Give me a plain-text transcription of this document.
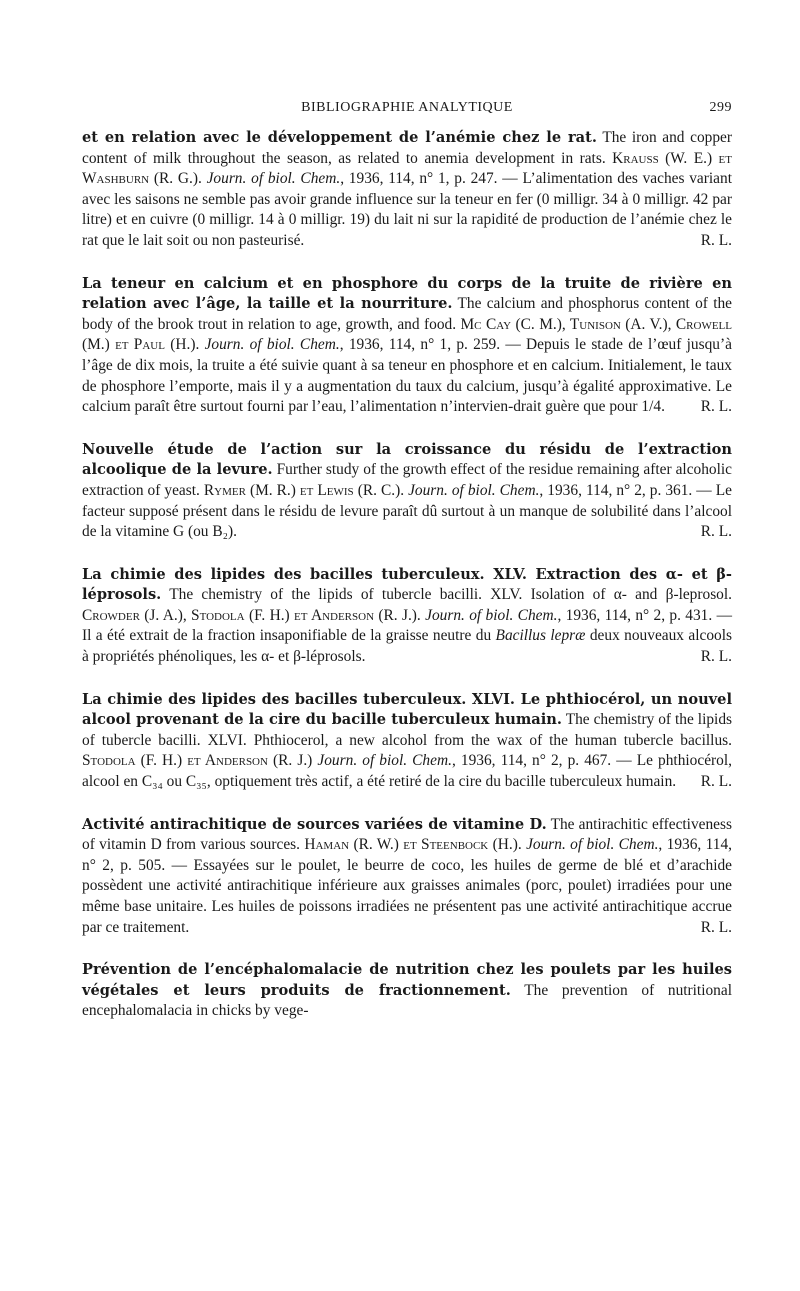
BIBLIOGRAPHIE ANALYTIQUE	299

et en relation avec le développement de l’anémie chez le rat. The iron and copper content of milk throughout the season, as related to anemia development in rats. Krauss (W. E.) et Washburn (R. G.). Journ. of biol. Chem., 1936, 114, n° 1, p. 247. — L’alimentation des vaches variant avec les saisons ne semble pas avoir grande influence sur la teneur en fer (0 milligr. 34 à 0 milligr. 42 par litre) et en cuivre (0 milligr. 14 à 0 milligr. 19) du lait ni sur la rapidité de production de l’anémie chez le rat que le lait soit ou non pasteurisé.	R. L.

La teneur en calcium et en phosphore du corps de la truite de rivière en relation avec l’âge, la taille et la nourriture. The calcium and phosphorus content of the body of the brook trout in relation to age, growth, and food. Mc Cay (C. M.), Tunison (A. V.), Crowell (M.) et Paul (H.). Journ. of biol. Chem., 1936, 114, n° 1, p. 259. — Depuis le stade de l’œuf jusqu’à l’âge de dix mois, la truite a été suivie quant à sa teneur en phosphore et en calcium. Initialement, le taux de phosphore l’emporte, mais il y a augmentation du taux du calcium, jusqu’à égalité approximative. Le calcium paraît être surtout fourni par l’eau, l’alimentation n’intervien-drait guère que pour 1/4.	R. L.

Nouvelle étude de l’action sur la croissance du résidu de l’extraction alcoolique de la levure. Further study of the growth effect of the residue remaining after alcoholic extraction of yeast. Rymer (M. R.) et Lewis (R. C.). Journ. of biol. Chem., 1936, 114, n° 2, p. 361. — Le facteur supposé présent dans le résidu de levure paraît dû surtout à un manque de solubilité dans l’alcool de la vitamine G (ou B₂).	R. L.

La chimie des lipides des bacilles tuberculeux. XLV. Extraction des α- et β-léprosols. The chemistry of the lipids of tubercle bacilli. XLV. Isolation of α- and β-leprosol. Crowder (J. A.), Stodola (F. H.) et Anderson (R. J.). Journ. of biol. Chem., 1936, 114, n° 2, p. 431. — Il a été extrait de la fraction insaponifiable de la graisse neutre du Bacillus lepræ deux nouveaux alcools à propriétés phénoliques, les α- et β-léprosols.	R. L.

La chimie des lipides des bacilles tuberculeux. XLVI. Le phthiocérol, un nouvel alcool provenant de la cire du bacille tuberculeux humain. The chemistry of the lipids of tubercle bacilli. XLVI. Phthiocerol, a new alcohol from the wax of the human tubercle bacillus. Stodola (F. H.) et Anderson (R. J.) Journ. of biol. Chem., 1936, 114, n° 2, p. 467. — Le phthiocérol, alcool en C₃₄ ou C₃₅, optiquement très actif, a été retiré de la cire du bacille tuberculeux humain.	R. L.

Activité antirachitique de sources variées de vitamine D. The antirachitic effectiveness of vitamin D from various sources. Haman (R. W.) et Steenbock (H.). Journ. of biol. Chem., 1936, 114, n° 2, p. 505. — Essayées sur le poulet, le beurre de coco, les huiles de germe de blé et d’arachide possèdent une activité antirachitique inférieure aux graisses animales (porc, poulet) irradiées pour une même base unitaire. Les huiles de poissons irradiées ne présentent pas une activité antirachitique accrue par ce traitement.	R. L.

Prévention de l’encéphalomalacie de nutrition chez les poulets par les huiles végétales et leurs produits de fractionnement. The prevention of nutritional encephalomalacia in chicks by vege-
